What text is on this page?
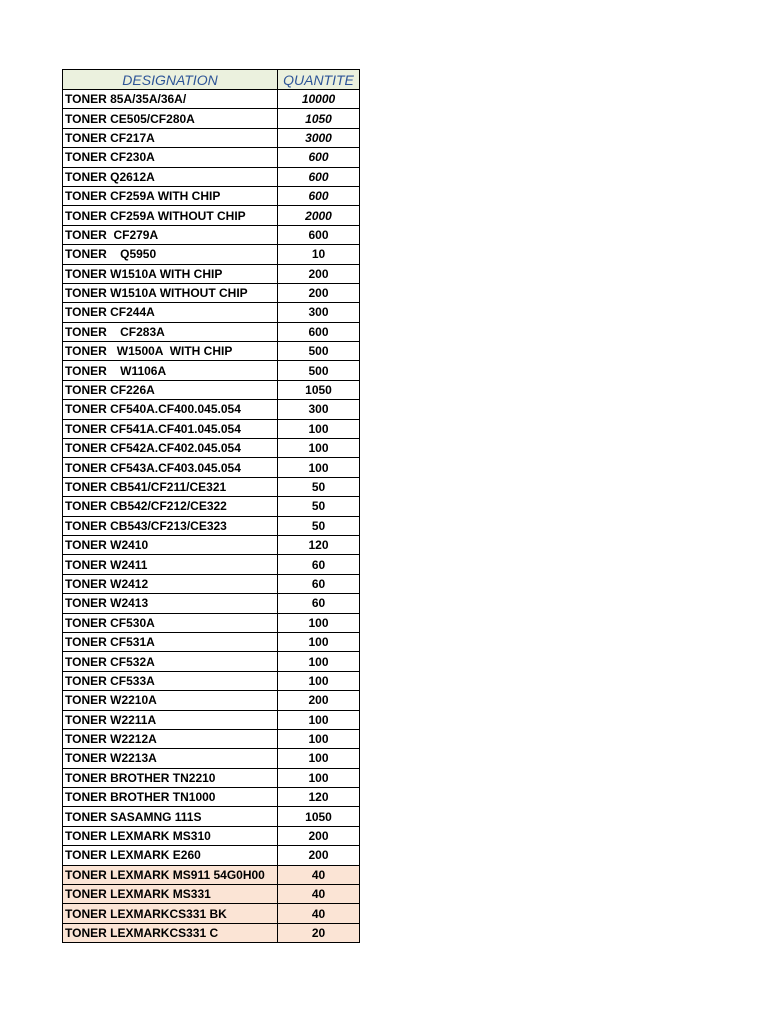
DESIGNATION	QUANTITE
TONER 85A/35A/36A/	10000
TONER CE505/CF280A	1050
TONER CF217A	3000
TONER CF230A	600
TONER Q2612A	600
TONER CF259A WITH CHIP	600
TONER CF259A WITHOUT CHIP	2000
TONER  CF279A	600
TONER    Q5950	10
TONER W1510A WITH CHIP	200
TONER W1510A WITHOUT CHIP	200
TONER CF244A	300
TONER    CF283A	600
TONER   W1500A  WITH CHIP	500
TONER    W1106A	500
TONER CF226A	1050
TONER CF540A.CF400.045.054	300
TONER CF541A.CF401.045.054	100
TONER CF542A.CF402.045.054	100
TONER CF543A.CF403.045.054	100
TONER CB541/CF211/CE321	50
TONER CB542/CF212/CE322	50
TONER CB543/CF213/CE323	50
TONER W2410	120
TONER W2411	60
TONER W2412	60
TONER W2413	60
TONER CF530A	100
TONER CF531A	100
TONER CF532A	100
TONER CF533A	100
TONER W2210A	200
TONER W2211A	100
TONER W2212A	100
TONER W2213A	100
TONER BROTHER TN2210	100
TONER BROTHER TN1000	120
TONER SASAMNG 111S	1050
TONER LEXMARK MS310	200
TONER LEXMARK E260	200
TONER LEXMARK MS911 54G0H00	40
TONER LEXMARK MS331	40
TONER LEXMARKCS331 BK	40
TONER LEXMARKCS331 C	20
